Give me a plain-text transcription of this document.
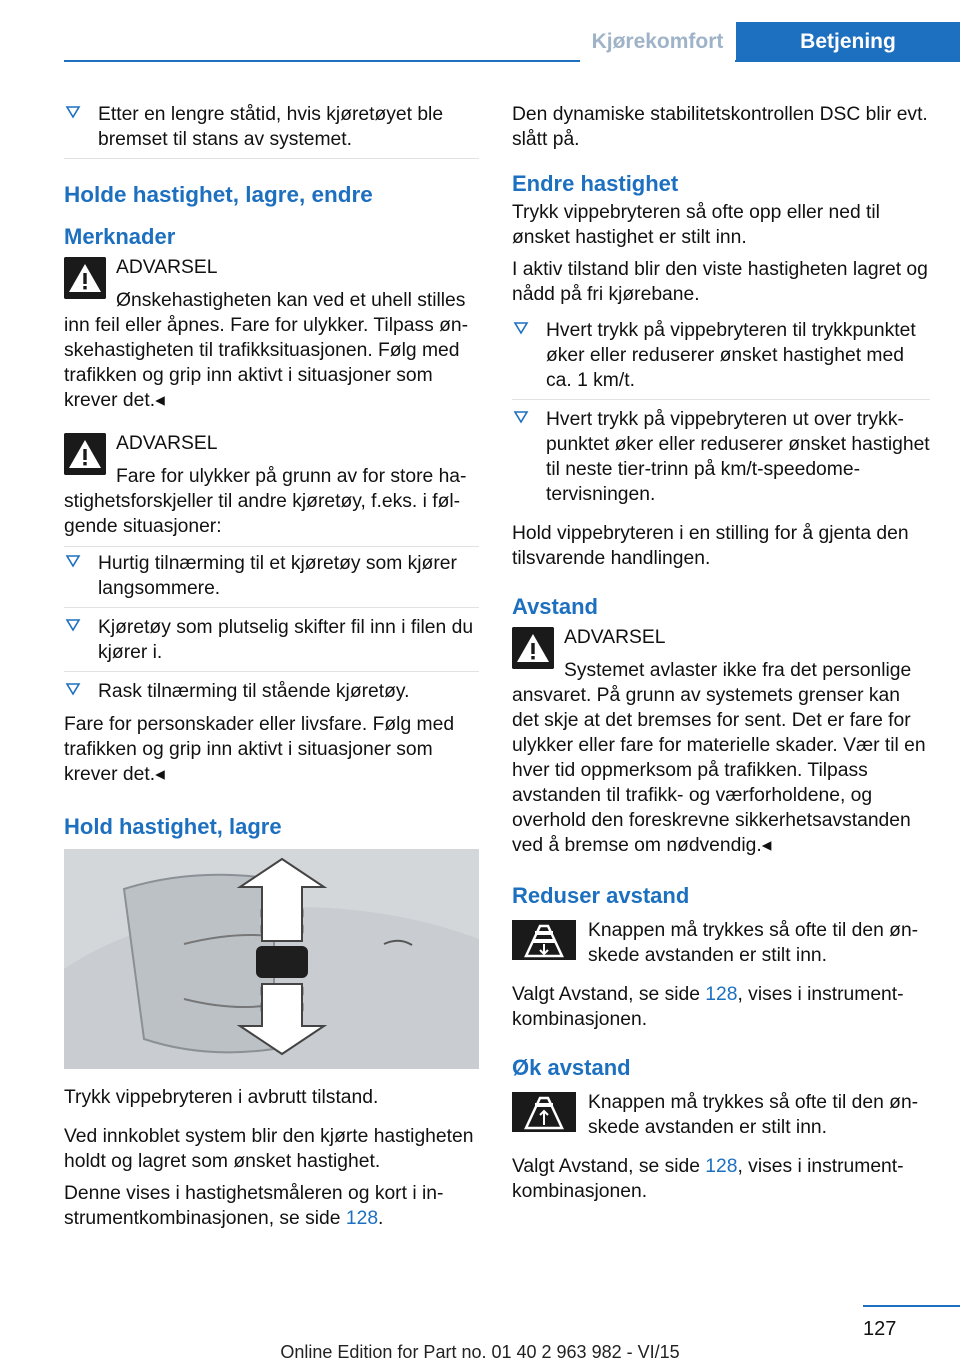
Kjørekomfort	Betjening
Etter en lengre ståtid, hvis kjøretøyet ble bremset til stans av systemet.
Holde hastighet, lagre, endre
Merknader

ADVARSEL

Ønskehastigheten kan ved et uhell stilles inn feil eller åpnes. Fare for ulykker. Tilpass ønskehastigheten til trafikksituasjonen. Følg med trafikken og grip inn aktivt i situasjoner som krever det.◂

ADVARSEL

Fare for ulykker på grunn av for store hastighetsforskjeller til andre kjøretøy, f.eks. i følgende situasjoner:

Hurtig tilnærming til et kjøretøy som kjører langsommere.
Kjøretøy som plutselig skifter fil inn i filen du kjører i.
Rask tilnærming til stående kjøretøy.

Fare for personskader eller livsfare. Følg med trafikken og grip inn aktivt i situasjoner som krever det.◂

Hold hastighet, lagre

Trykk vippebryteren i avbrutt tilstand.

Ved innkoblet system blir den kjørte hastigheten holdt og lagret som ønsket hastighet.

Denne vises i hastighetsmåleren og kort i instrumentkombinasjonen, se side 128.

Den dynamiske stabilitetskontrollen DSC blir evt. slått på.

Endre hastighet

Trykk vippebryteren så ofte opp eller ned til ønsket hastighet er stilt inn.

I aktiv tilstand blir den viste hastigheten lagret og nådd på fri kjørebane.

Hvert trykk på vippebryteren til trykkpunktet øker eller reduserer ønsket hastighet med ca. 1 km/t.
Hvert trykk på vippebryteren ut over trykkpunktet øker eller reduserer ønsket hastighet til neste tier-trinn på km/t-speedometervisningen.

Hold vippebryteren i en stilling for å gjenta den tilsvarende handlingen.

Avstand

ADVARSEL

Systemet avlaster ikke fra det personlige ansvaret. På grunn av systemets grenser kan det skje at det bremses for sent. Det er fare for ulykker eller fare for materielle skader. Vær til en hver tid oppmerksom på trafikken. Tilpass avstanden til trafikk- og værforholdene, og overhold den foreskrevne sikkerhetsavstanden ved å bremse om nødvendig.◂

Reduser avstand
Knappen må trykkes så ofte til den ønskede avstanden er stilt inn.

Valgt Avstand, se side 128, vises i instrumentkombinasjonen.

Øk avstand
Knappen må trykkes så ofte til den ønskede avstanden er stilt inn.

Valgt Avstand, se side 128, vises i instrumentkombinasjonen.

127
Online Edition for Part no. 01 40 2 963 982 - VI/15
